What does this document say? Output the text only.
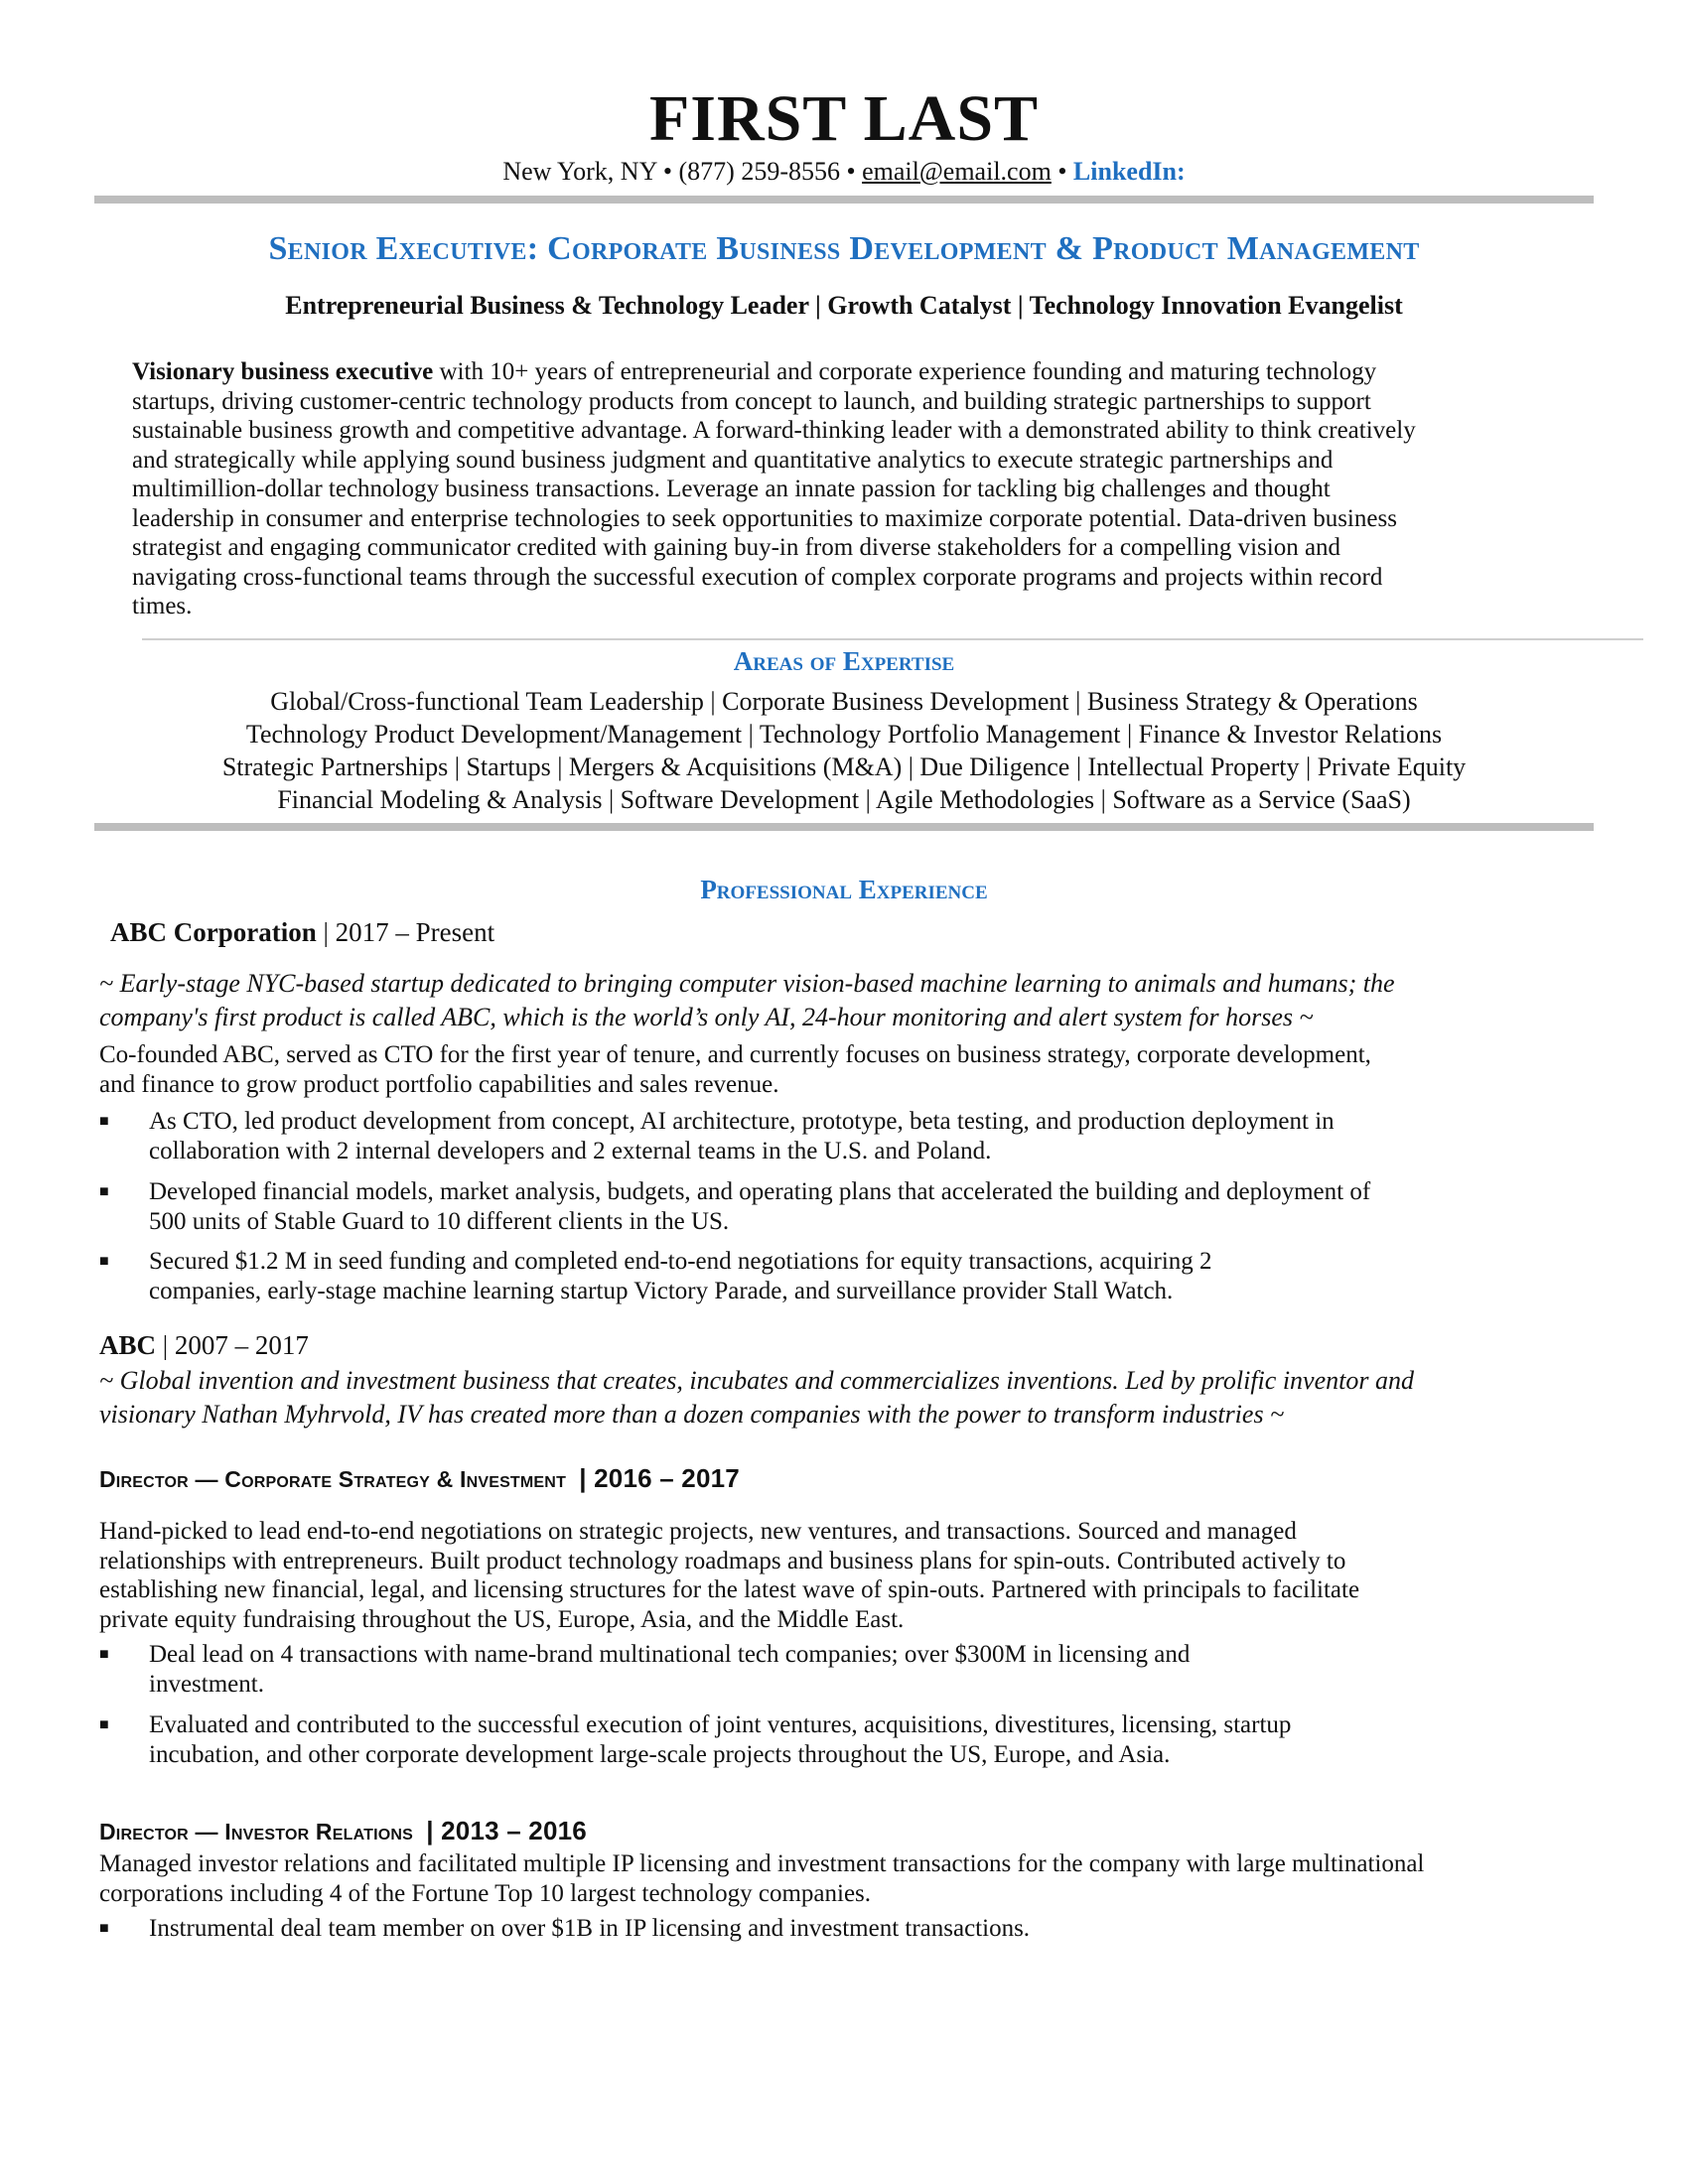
FIRST LAST
New York, NY • (877) 259-8556 • email@email.com • LinkedIn:
Senior Executive: Corporate Business Development & Product Management
Entrepreneurial Business & Technology Leader | Growth Catalyst | Technology Innovation Evangelist
Visionary business executive with 10+ years of entrepreneurial and corporate experience founding and maturing technology
startups, driving customer-centric technology products from concept to launch, and building strategic partnerships to support
sustainable business growth and competitive advantage. A forward-thinking leader with a demonstrated ability to think creatively
and strategically while applying sound business judgment and quantitative analytics to execute strategic partnerships and
multimillion-dollar technology business transactions. Leverage an innate passion for tackling big challenges and thought
leadership in consumer and enterprise technologies to seek opportunities to maximize corporate potential. Data-driven business
strategist and engaging communicator credited with gaining buy-in from diverse stakeholders for a compelling vision and
navigating cross-functional teams through the successful execution of complex corporate programs and projects within record
times.
Areas of Expertise
Global/Cross-functional Team Leadership | Corporate Business Development | Business Strategy & Operations
Technology Product Development/Management | Technology Portfolio Management | Finance & Investor Relations
Strategic Partnerships | Startups | Mergers & Acquisitions (M&A) | Due Diligence | Intellectual Property | Private Equity
Financial Modeling & Analysis | Software Development | Agile Methodologies | Software as a Service (SaaS)
Professional Experience
ABC Corporation | 2017 – Present
~ Early-stage NYC-based startup dedicated to bringing computer vision-based machine learning to animals and humans; the
company's first product is called ABC, which is the world’s only AI, 24-hour monitoring and alert system for horses ~
Co-founded ABC, served as CTO for the first year of tenure, and currently focuses on business strategy, corporate development,
and finance to grow product portfolio capabilities and sales revenue.
■ As CTO, led product development from concept, AI architecture, prototype, beta testing, and production deployment in
collaboration with 2 internal developers and 2 external teams in the U.S. and Poland.
■ Developed financial models, market analysis, budgets, and operating plans that accelerated the building and deployment of
500 units of Stable Guard to 10 different clients in the US.
■ Secured $1.2 M in seed funding and completed end-to-end negotiations for equity transactions, acquiring 2
companies, early-stage machine learning startup Victory Parade, and surveillance provider Stall Watch.
ABC | 2007 – 2017
~ Global invention and investment business that creates, incubates and commercializes inventions. Led by prolific inventor and
visionary Nathan Myhrvold, IV has created more than a dozen companies with the power to transform industries ~
Director — Corporate Strategy & Investment | 2016 – 2017
Hand-picked to lead end-to-end negotiations on strategic projects, new ventures, and transactions. Sourced and managed
relationships with entrepreneurs. Built product technology roadmaps and business plans for spin-outs. Contributed actively to
establishing new financial, legal, and licensing structures for the latest wave of spin-outs. Partnered with principals to facilitate
private equity fundraising throughout the US, Europe, Asia, and the Middle East.
■ Deal lead on 4 transactions with name-brand multinational tech companies; over $300M in licensing and
investment.
■ Evaluated and contributed to the successful execution of joint ventures, acquisitions, divestitures, licensing, startup
incubation, and other corporate development large-scale projects throughout the US, Europe, and Asia.
Director — Investor Relations | 2013 – 2016
Managed investor relations and facilitated multiple IP licensing and investment transactions for the company with large multinational
corporations including 4 of the Fortune Top 10 largest technology companies.
■ Instrumental deal team member on over $1B in IP licensing and investment transactions.
